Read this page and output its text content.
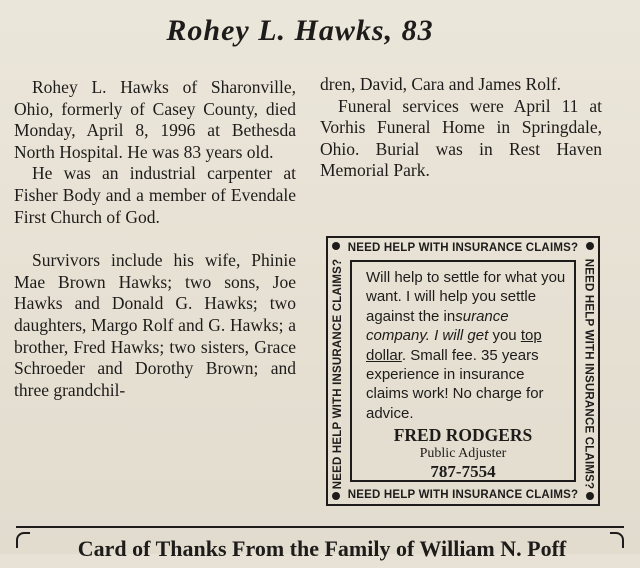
Rohey L. Hawks, 83

Rohey L. Hawks of Sharonville, Ohio, formerly of Casey County, died Monday, April 8, 1996 at Bethesda North Hospital. He was 83 years old.

He was an industrial carpenter at Fisher Body and a member of Evendale First Church of God.

Survivors include his wife, Phinie Mae Brown Hawks; two sons, Joe Hawks and Donald G. Hawks; two daughters, Margo Rolf and G. Hawks; a brother, Fred Hawks; two sisters, Grace Schroeder and Dorothy Brown; and three grandchil-

dren, David, Cara and James Rolf.

Funeral services were April 11 at Vorhis Funeral Home in Springdale, Ohio. Burial was in Rest Haven Memorial Park.

NEED HELP WITH INSURANCE CLAIMS?
NEED HELP WITH INSURANCE CLAIMS?
NEED HELP WITH INSURANCE CLAIMS?	NEED HELP WITH INSURANCE CLAIMS?

Will help to settle for what you want. I will help you settle against the insurance company. I will get you top dollar. Small fee. 35 years experience in insurance claims work! No charge for advice.

FRED RODGERS
Public Adjuster
787-7554
Card of Thanks From the Family of William N. Poff
